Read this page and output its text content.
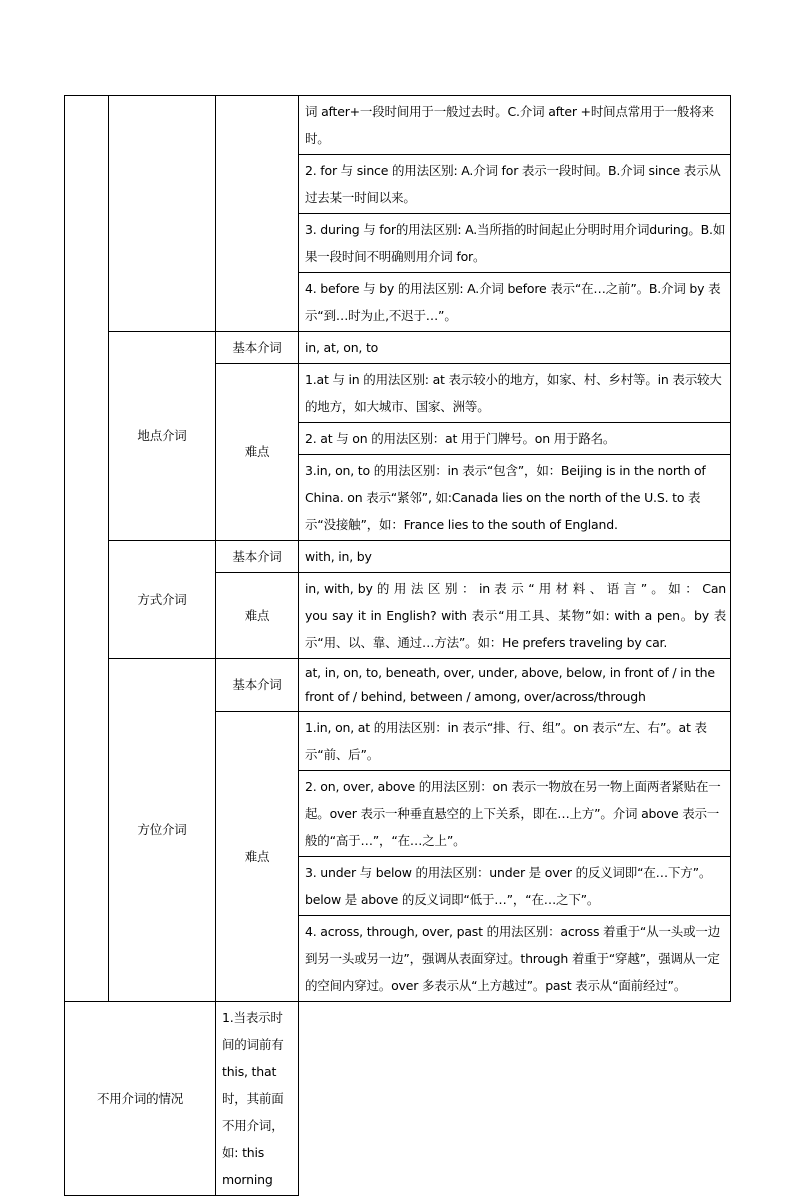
			词 after+一段时间用于一般过去时。C.介词 after +时间点常用于一般将来时。
			2. for 与 since 的用法区别: A.介词 for 表示一段时间。B.介词 since 表示从过去某一时间以来。
			3. during 与 for的用法区别: A.当所指的时间起止分明时用介词during。B.如果一段时间不明确则用介词 for。
			4. before 与 by 的用法区别: A.介词 before 表示“在…之前”。B.介词 by 表示“到…时为止,不迟于…”。
	地点介词	基本介词	in, at, on, to
		难点	1.at 与 in 的用法区别: at 表示较小的地方，如家、村、乡村等。in 表示较大的地方，如大城市、国家、洲等。
			2. at 与 on 的用法区别：at 用于门牌号。on 用于路名。
			3.in, on, to 的用法区别：in 表示“包含”，如：Beijing is in the north of China. on 表示“紧邻”, 如:Canada lies on the north of the U.S. to 表示“没接触”，如：France lies to the south of England.
	方式介词	基本介词	with, in, by
		难点	in, with, by 的 用 法 区 别 ： in 表 示 “ 用 材 料 、 语 言 ” 。 如 ： Can you say it in English? with 表示“用工具、某物”如: with a pen。by 表示“用、以、靠、通过…方法”。如：He prefers traveling by car.
	方位介词	基本介词	at, in, on, to, beneath, over, under, above, below, in front of / in the front of / behind, between / among, over/across/through
		难点	1.in, on, at 的用法区别：in 表示“排、行、组”。on 表示“左、右”。at 表示“前、后”。
			2. on, over, above 的用法区别：on 表示一物放在另一物上面两者紧贴在一起。over 表示一种垂直悬空的上下关系，即在…上方”。介词 above 表示一般的“高于…”，“在…之上”。
			3. under 与 below 的用法区别：under 是 over 的反义词即“在…下方”。below 是 above 的反义词即“低于…”，“在…之下”。
			4. across, through, over, past 的用法区别：across 着重于“从一头或一边到另一头或另一边”，强调从表面穿过。through 着重于“穿越”，强调从一定的空间内穿过。over 多表示从“上方越过”。past 表示从“面前经过”。
不用介词的情况		1.当表示时间的词前有 this, that 时，其前面不用介词，如: this morning	
